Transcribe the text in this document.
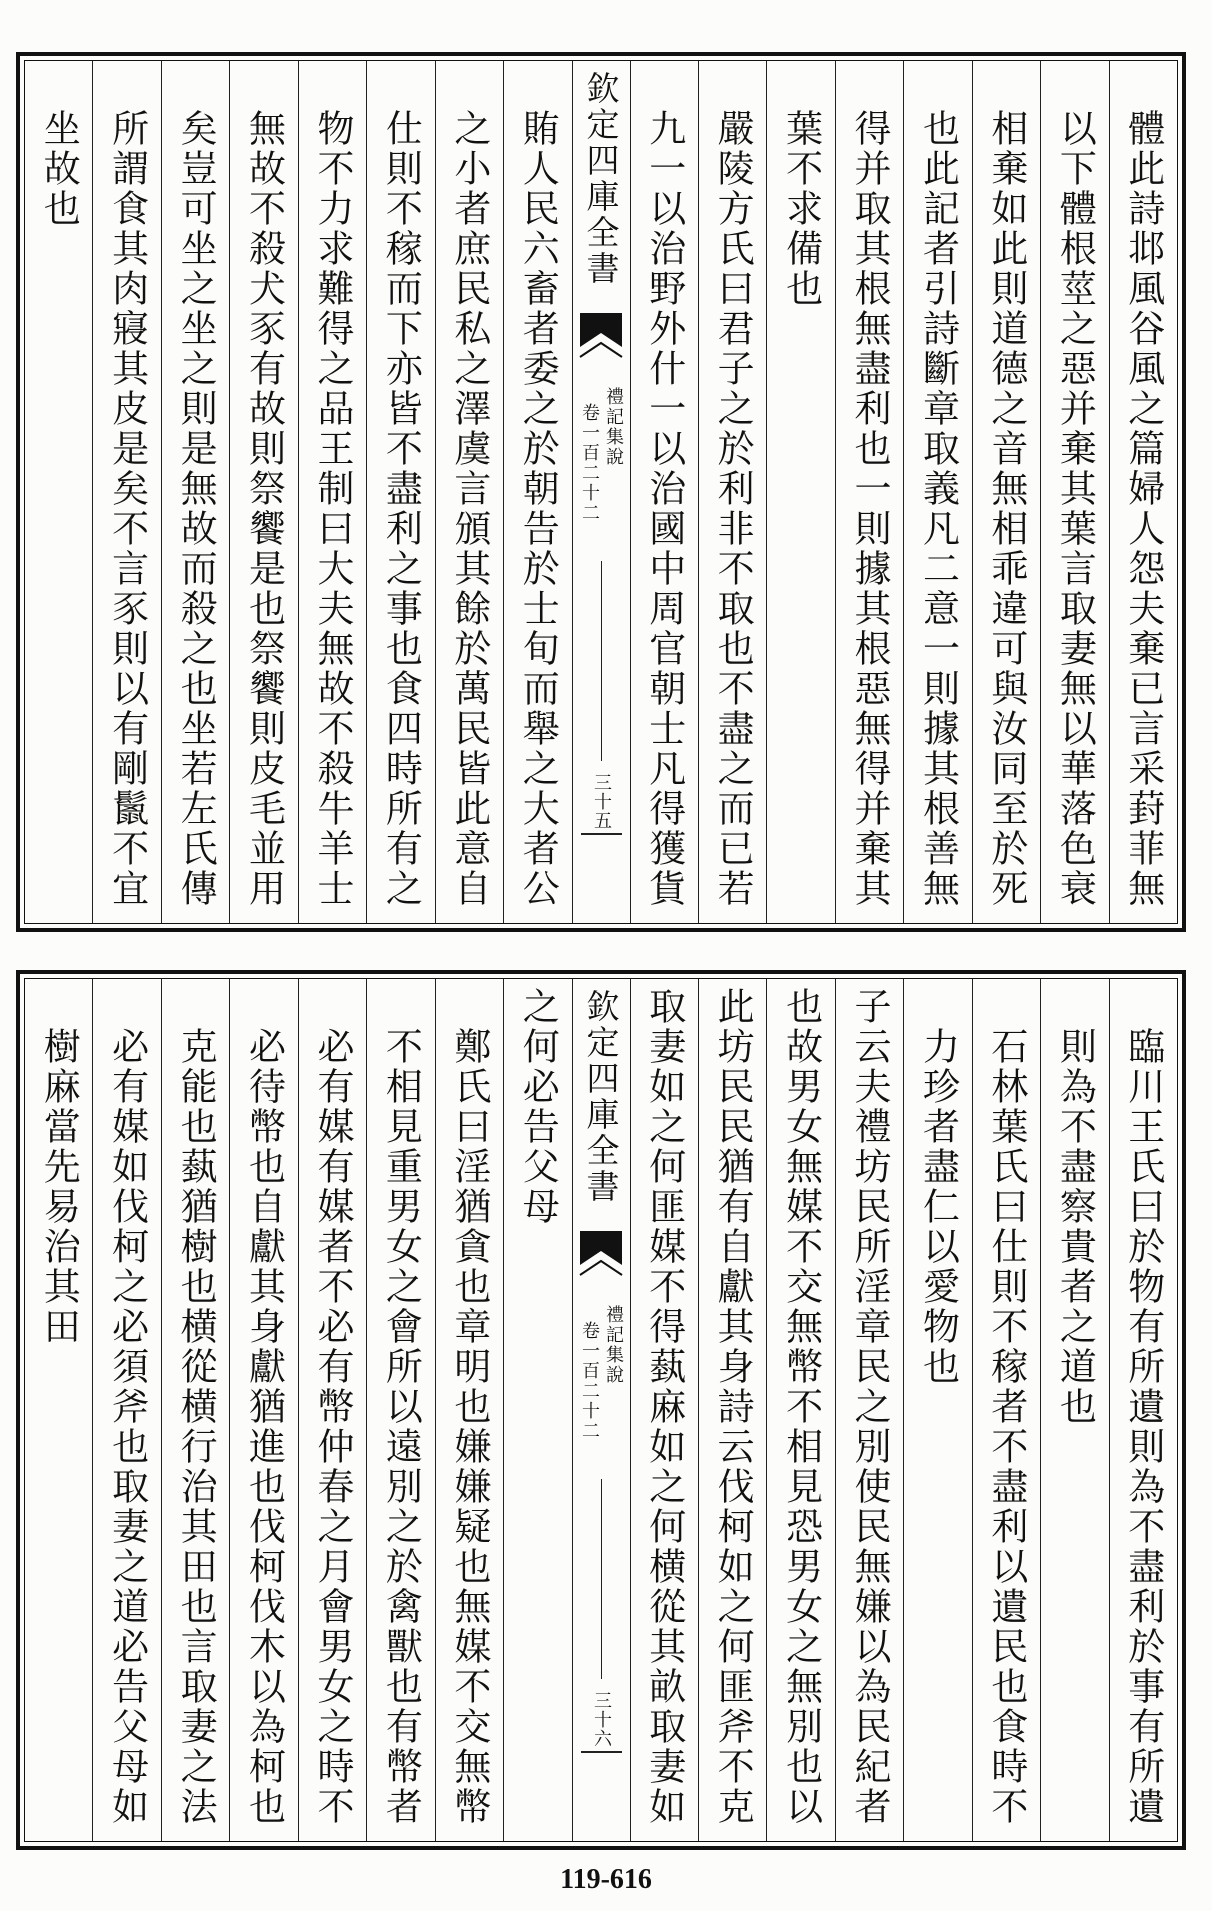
體此詩邶風谷風之篇婦人怨夫棄已言采葑菲無
以下體根莖之惡并棄其葉言取妻無以華落色衰
相棄如此則道德之音無相乖違可與汝同至於死
也此記者引詩斷章取義凡二意一則據其根善無
得并取其根無盡利也一則據其根惡無得并棄其
葉不求備也
嚴陵方氏曰君子之於利非不取也不盡之而已若
九一以治野外什一以治國中周官朝士凡得獲貨
欽定四庫全書
禮記集說
卷一百二十二
三十五
賄人民六畜者委之於朝告於士旬而舉之大者公
之小者庶民私之澤虞言頒其餘於萬民皆此意自
仕則不稼而下亦皆不盡利之事也食四時所有之
物不力求難得之品王制曰大夫無故不殺牛羊士
無故不殺犬豕有故則祭饗是也祭饗則皮毛並用
矣豈可坐之坐之則是無故而殺之也坐若左氏傳
所謂食其肉寢其皮是矣不言豕則以有剛鬛不宜
坐故也
臨川王氏曰於物有所遺則為不盡利於事有所遺
則為不盡察貴者之道也
石林葉氏曰仕則不稼者不盡利以遺民也食時不
力珍者盡仁以愛物也
子云夫禮坊民所淫章民之別使民無嫌以為民紀者
也故男女無媒不交無幣不相見恐男女之無別也以
此坊民民猶有自獻其身詩云伐柯如之何匪斧不克
取妻如之何匪媒不得蓺麻如之何横從其畝取妻如
欽定四庫全書
禮記集說
卷一百二十二
三十六
之何必告父母
鄭氏曰淫猶貪也章明也嫌嫌疑也無媒不交無幣
不相見重男女之會所以遠別之於禽獸也有幣者
必有媒有媒者不必有幣仲春之月會男女之時不
必待幣也自獻其身獻猶進也伐柯伐木以為柯也
克能也蓺猶樹也横從横行治其田也言取妻之法
必有媒如伐柯之必須斧也取妻之道必告父母如
樹麻當先易治其田
119-616
